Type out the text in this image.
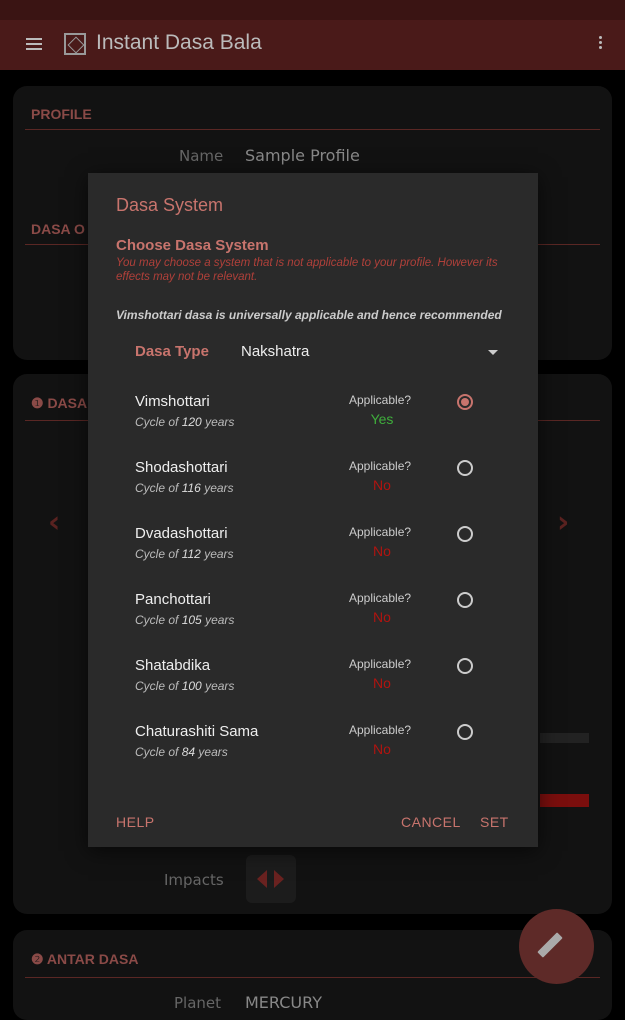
Instant Dasa Bala
PROFILE
Name Sample Profile
DASA O
❶ DASA
‹	›
Impacts
❷ ANTAR DASA
Planet MERCURY
Dasa System
Choose Dasa System
You may choose a system that is not applicable to your profile. However its effects may not be relevant.
Vimshottari dasa is universally applicable and hence recommended
Dasa Type Nakshatra
Vimshottari
Cycle of 120 years
Applicable?
Yes
Shodashottari
Cycle of 116 years
Applicable?
No
Dvadashottari
Cycle of 112 years
Applicable?
No
Panchottari
Cycle of 105 years
Applicable?
No
Shatabdika
Cycle of 100 years
Applicable?
No
Chaturashiti Sama
Cycle of 84 years
Applicable?
No
HELP	CANCEL SET
